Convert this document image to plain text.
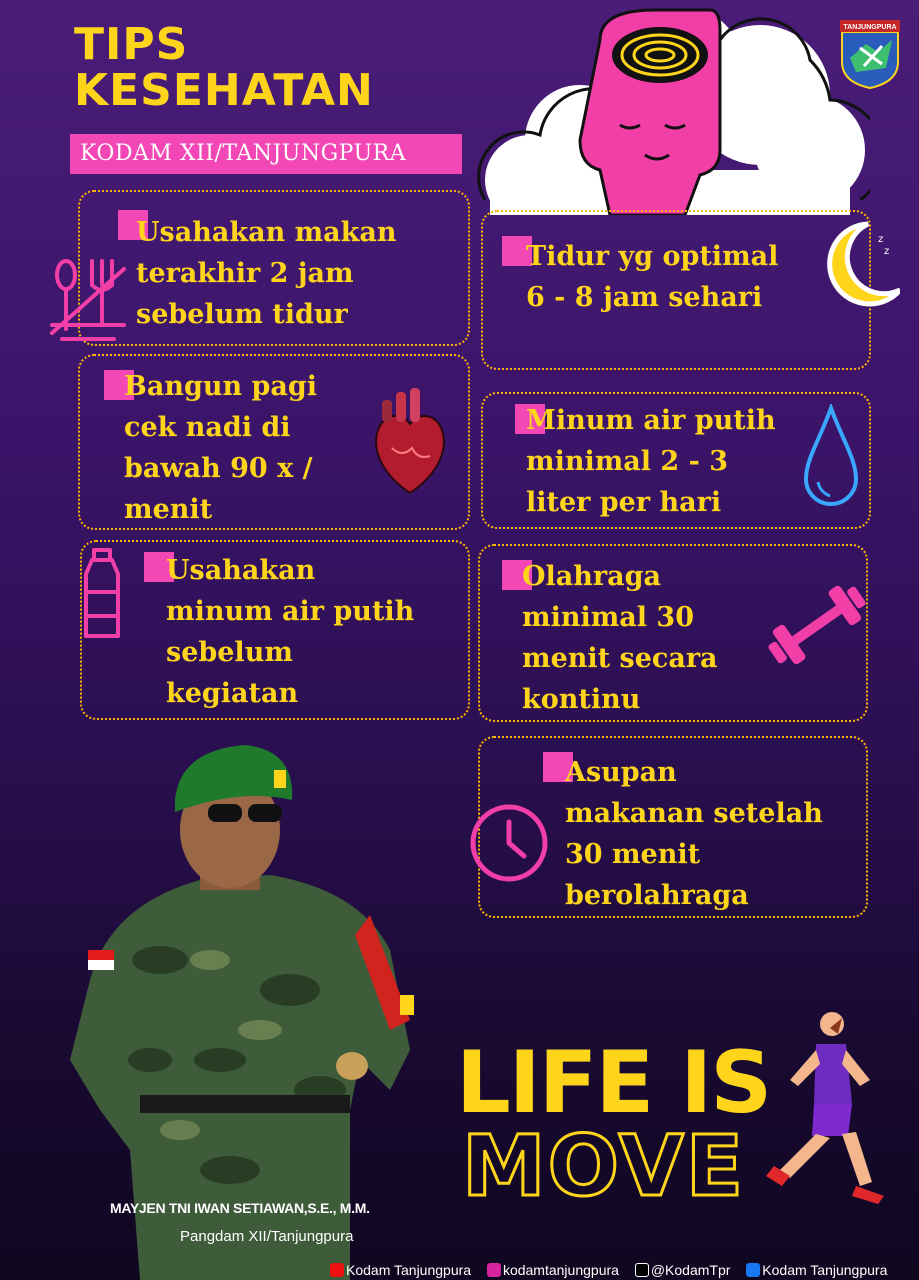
TIPS
KESEHATAN
KODAM XII/TANJUNGPURA
TANJUNGPURA
Usahakan makan
terakhir 2 jam
sebelum tidur
Tidur yg optimal
6 - 8 jam sehari
z
z
Bangun pagi
cek nadi di
bawah 90 x /
menit
Minum air putih
minimal 2 - 3
liter per hari
Usahakan
minum air putih
sebelum
kegiatan
Olahraga
minimal 30
menit secara
kontinu
Asupan
makanan setelah
30 menit
berolahraga
LIFE IS
MOVE
MAYJEN TNI IWAN SETIAWAN,S.E., M.M.
Pangdam XII/Tanjungpura
Kodam Tanjungpura kodamtanjungpura @KodamTpr Kodam Tanjungpura
